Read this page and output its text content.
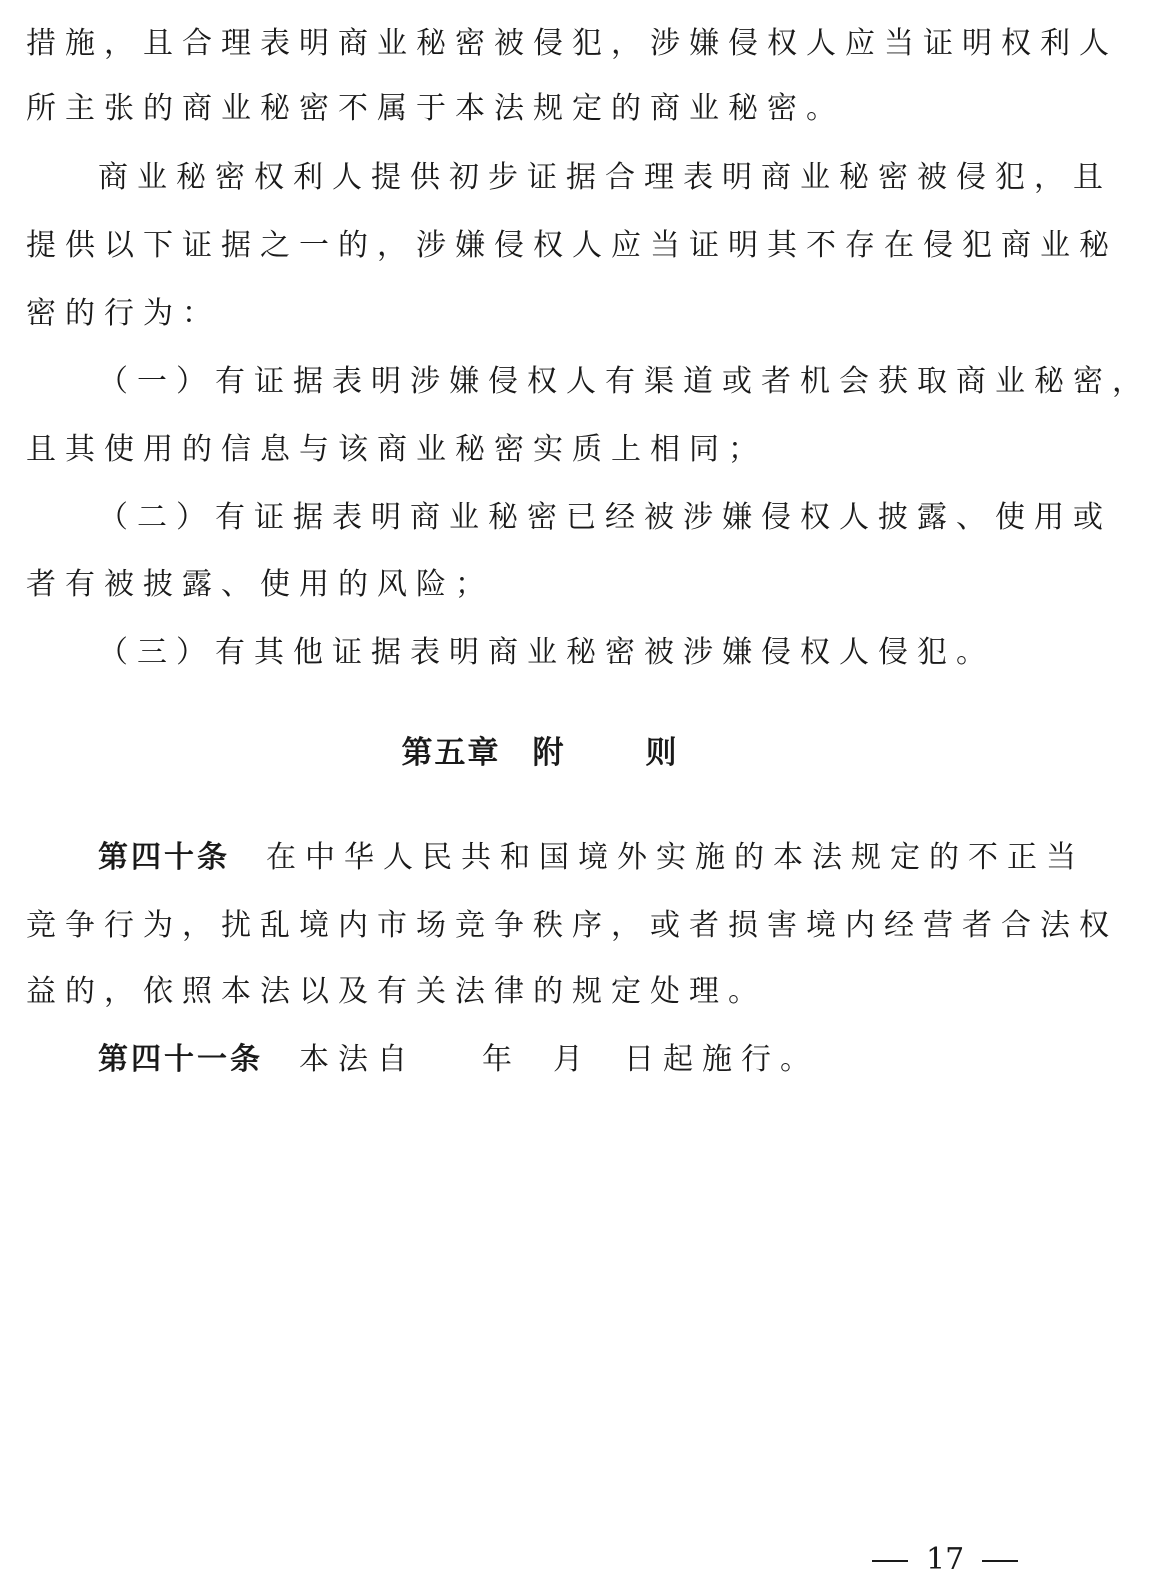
措施，且合理表明商业秘密被侵犯，涉嫌侵权人应当证明权利人
所主张的商业秘密不属于本法规定的商业秘密。
商业秘密权利人提供初步证据合理表明商业秘密被侵犯，且
提供以下证据之一的，涉嫌侵权人应当证明其不存在侵犯商业秘
密的行为：
（一）有证据表明涉嫌侵权人有渠道或者机会获取商业秘密，
且其使用的信息与该商业秘密实质上相同；
（二）有证据表明商业秘密已经被涉嫌侵权人披露、使用或
者有被披露、使用的风险；
（三）有其他证据表明商业秘密被涉嫌侵权人侵犯。
第五章 附	则
第四十条 在中华人民共和国境外实施的本法规定的不正当
竞争行为，扰乱境内市场竞争秩序，或者损害境内经营者合法权
益的，依照本法以及有关法律的规定处理。
第四十一条 本法自 年 月 日起施行。
17
